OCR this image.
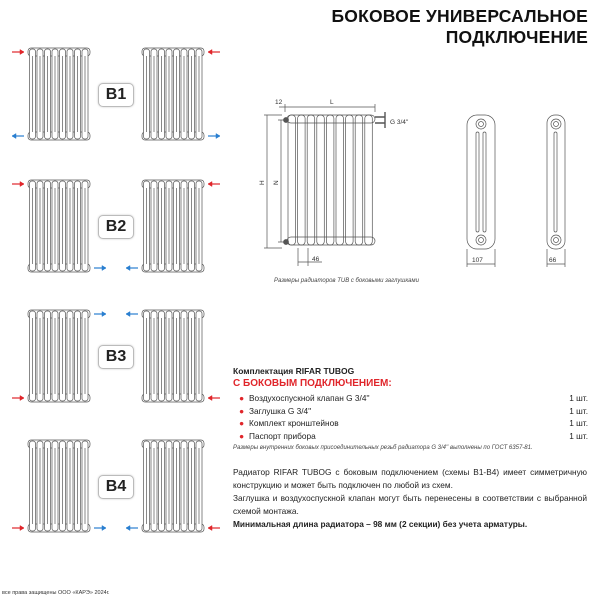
БОКОВОЕ УНИВЕРСАЛЬНОЕ
ПОДКЛЮЧЕНИЕ
B1
B2
B3
B4
12	L
G 3/4''
H N
46	107	66
Размеры радиаторов TUB с боковыми заглушками
Комплектация RIFAR TUBOG
С БОКОВЫМ ПОДКЛЮЧЕНИЕМ:
● Воздухоспускной клапан G 3/4''	1 шт.
● Заглушка G 3/4''	1 шт.
● Комплект кронштейнов	1 шт.
● Паспорт прибора	1 шт.
Размеры внутренних боковых присоединительных резьб радиатора G 3/4'' выполнены по ГОСТ 6357-81.
Радиатор RIFAR TUBOG с боковым подключением (схемы B1-B4) имеет симметричную конструкцию и может быть подключен по любой из схем.
Заглушка и воздухоспускной клапан могут быть перенесены в соответствии с выбранной схемой монтажа.
Минимальная длина радиатора – 98 мм (2 секции) без учета арматуры.
все права защищены ООО «КАРЭ» 2024г.
